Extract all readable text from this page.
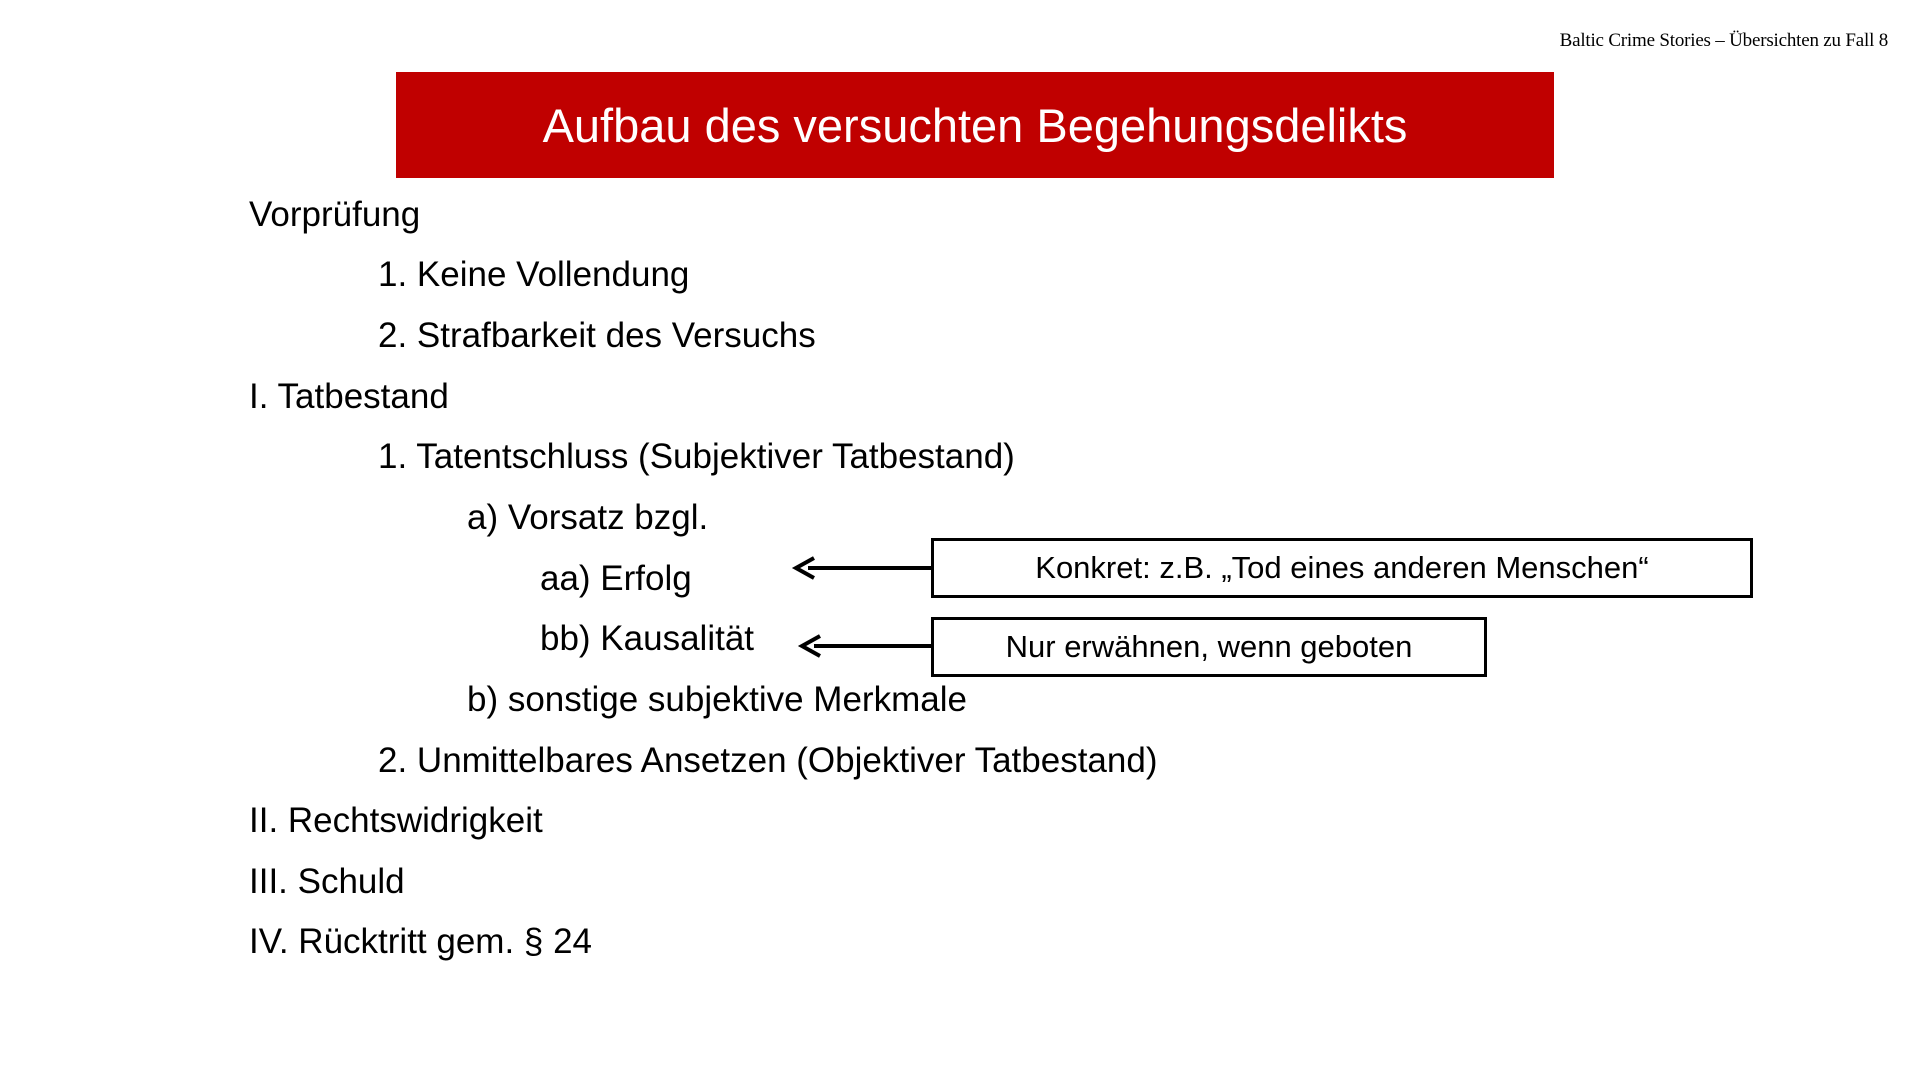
Baltic Crime Stories – Übersichten zu Fall 8
Aufbau des versuchten Begehungsdelikts
Vorprüfung
1. Keine Vollendung
2. Strafbarkeit des Versuchs
I. Tatbestand
1. Tatentschluss (Subjektiver Tatbestand)
a) Vorsatz bzgl.
aa) Erfolg
bb) Kausalität
b) sonstige subjektive Merkmale
2. Unmittelbares Ansetzen (Objektiver Tatbestand)
II. Rechtswidrigkeit
III. Schuld
IV. Rücktritt gem. § 24
Konkret: z.B. „Tod eines anderen Menschen“
Nur erwähnen, wenn geboten
